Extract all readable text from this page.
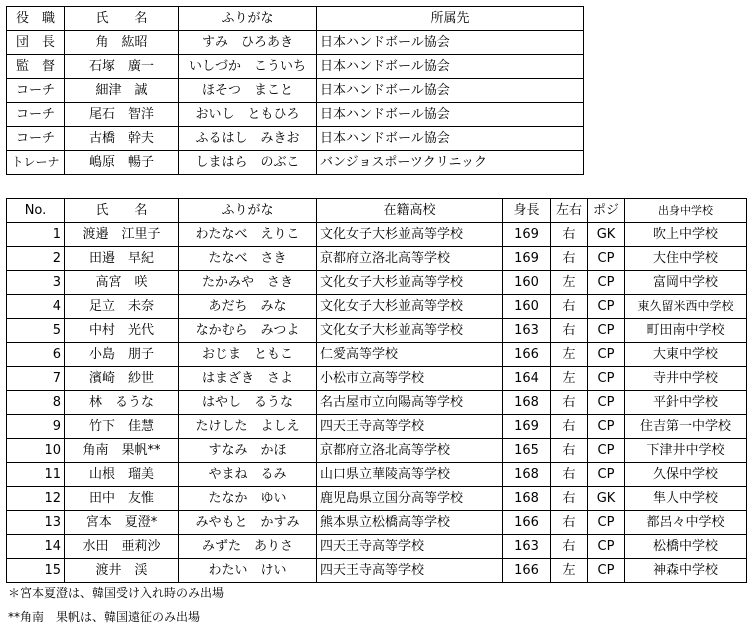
役　職	氏　　名	ふりがな	所属先
団　長	角　紘昭	すみ　ひろあき	日本ハンドボール協会
監　督	石塚　廣一	いしづか　こういち	日本ハンドボール協会
コーチ	細津　誠	ほそつ　まこと	日本ハンドボール協会
コーチ	尾石　智洋	おいし　ともひろ	日本ハンドボール協会
コーチ	古橋　幹夫	ふるはし　みきお	日本ハンドボール協会
トレーナ	嶋原　暢子	しまはら　のぶこ	バンジョスポーツクリニック
No.	氏　　名	ふりがな	在籍高校	身長	左右	ポジ	出身中学校
1	渡邉　江里子	わたなべ　えりこ	文化女子大杉並高等学校	169	右	GK	吹上中学校
2	田邉　早紀	たなべ　さき	京都府立洛北高等学校	169	右	CP	大住中学校
3	高宮　咲	たかみや　さき	文化女子大杉並高等学校	160	左	CP	富岡中学校
4	足立　未奈	あだち　みな	文化女子大杉並高等学校	160	右	CP	東久留米西中学校
5	中村　光代	なかむら　みつよ	文化女子大杉並高等学校	163	右	CP	町田南中学校
6	小島　朋子	おじま　ともこ	仁愛高等学校	166	左	CP	大東中学校
7	濱崎　紗世	はまざき　さよ	小松市立高等学校	164	左	CP	寺井中学校
8	林　るうな	はやし　るうな	名古屋市立向陽高等学校	168	右	CP	平針中学校
9	竹下　佳慧	たけした　よしえ	四天王寺高等学校	169	右	CP	住吉第一中学校
10	角南　果帆**	すなみ　かほ	京都府立洛北高等学校	165	右	CP	下津井中学校
11	山根　瑠美	やまね　るみ	山口県立華陵高等学校	168	右	CP	久保中学校
12	田中　友惟	たなか　ゆい	鹿児島県立国分高等学校	168	右	GK	隼人中学校
13	宮本　夏澄*	みやもと　かすみ	熊本県立松橋高等学校	166	右	CP	都呂々中学校
14	水田　亜莉沙	みずた　ありさ	四天王寺高等学校	163	右	CP	松橋中学校
15	渡井　渓	わたい　けい	四天王寺高等学校	166	左	CP	神森中学校
＊宮本夏澄は、韓国受け入れ時のみ出場
**角南　果帆は、韓国遠征のみ出場
